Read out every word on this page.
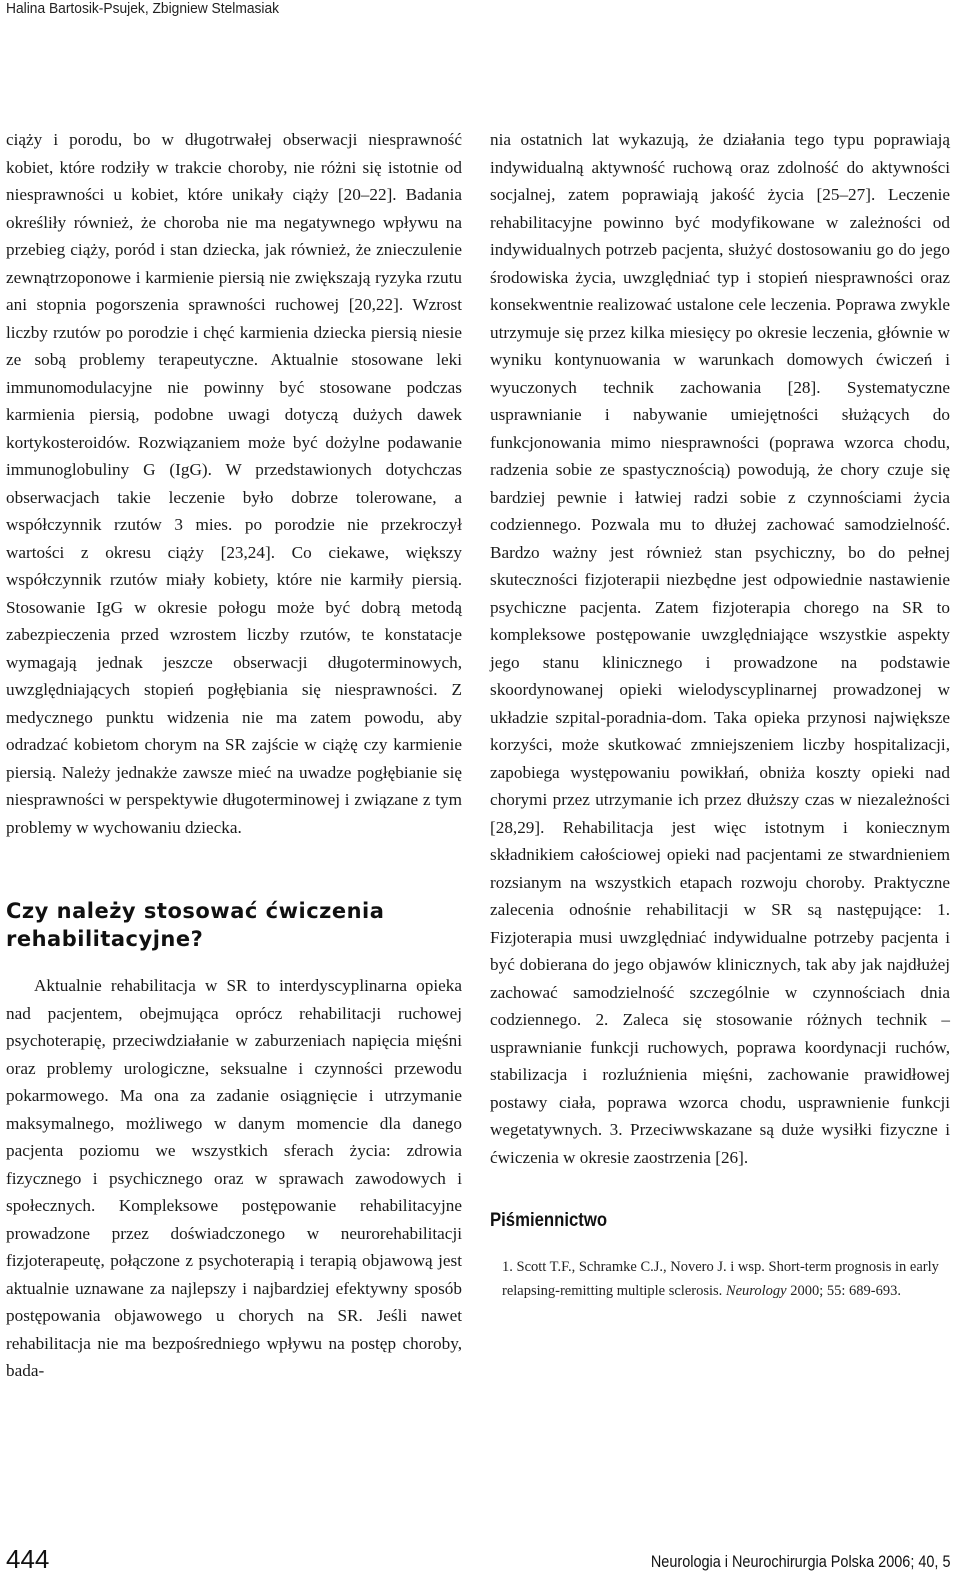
Halina Bartosik-Psujek, Zbigniew Stelmasiak

ciąży i porodu, bo w długotrwałej obserwacji niesprawność kobiet, które rodziły w trakcie choroby, nie różni się istotnie od niesprawności u kobiet, które unikały ciąży [20–22]. Badania określiły również, że choroba nie ma negatywnego wpływu na przebieg ciąży, poród i stan dziecka, jak również, że znieczulenie zewnątrzoponowe i karmienie piersią nie zwiększają ryzyka rzutu ani stopnia pogorszenia sprawności ruchowej [20,22]. Wzrost liczby rzutów po porodzie i chęć karmienia dziecka piersią niesie ze sobą problemy terapeutyczne. Aktualnie stosowane leki immunomodulacyjne nie powinny być stosowane podczas karmienia piersią, podobne uwagi dotyczą dużych dawek kortykosteroidów. Rozwiązaniem może być dożylne podawanie immunoglobuliny G (IgG). W przedstawionych dotychczas obserwacjach takie leczenie było dobrze tolerowane, a współczynnik rzutów 3 mies. po porodzie nie przekroczył wartości z okresu ciąży [23,24]. Co ciekawe, większy współczynnik rzutów miały kobiety, które nie karmiły piersią. Stosowanie IgG w okresie połogu może być dobrą metodą zabezpieczenia przed wzrostem liczby rzutów, te konstatacje wymagają jednak jeszcze obserwacji długoterminowych, uwzględniających stopień pogłębiania się niesprawności. Z medycznego punktu widzenia nie ma zatem powodu, aby odradzać kobietom chorym na SR zajście w ciążę czy karmienie piersią. Należy jednakże zawsze mieć na uwadze pogłębianie się niesprawności w perspektywie długoterminowej i związane z tym problemy w wychowaniu dziecka.

Czy należy stosować ćwiczenia rehabilitacyjne?

Aktualnie rehabilitacja w SR to interdyscyplinarna opieka nad pacjentem, obejmująca oprócz rehabilitacji ruchowej psychoterapię, przeciwdziałanie w zaburzeniach napięcia mięśni oraz problemy urologiczne, seksualne i czynności przewodu pokarmowego. Ma ona za zadanie osiągnięcie i utrzymanie maksymalnego, możliwego w danym momencie dla danego pacjenta poziomu we wszystkich sferach życia: zdrowia fizycznego i psychicznego oraz w sprawach zawodowych i społecznych. Kompleksowe postępowanie rehabilitacyjne prowadzone przez doświadczonego w neurorehabilitacji fizjoterapeutę, połączone z psychoterapią i terapią objawową jest aktualnie uznawane za najlepszy i najbardziej efektywny sposób postępowania objawowego u chorych na SR. Jeśli nawet rehabilitacja nie ma bezpośredniego wpływu na postęp choroby, bada-

nia ostatnich lat wykazują, że działania tego typu poprawiają indywidualną aktywność ruchową oraz zdolność do aktywności socjalnej, zatem poprawiają jakość życia [25–27]. Leczenie rehabilitacyjne powinno być modyfikowane w zależności od indywidualnych potrzeb pacjenta, służyć dostosowaniu go do jego środowiska życia, uwzględniać typ i stopień niesprawności oraz konsekwentnie realizować ustalone cele leczenia. Poprawa zwykle utrzymuje się przez kilka miesięcy po okresie leczenia, głównie w wyniku kontynuowania w warunkach domowych ćwiczeń i wyuczonych technik zachowania [28]. Systematyczne usprawnianie i nabywanie umiejętności służących do funkcjonowania mimo niesprawności (poprawa wzorca chodu, radzenia sobie ze spastycznością) powodują, że chory czuje się bardziej pewnie i łatwiej radzi sobie z czynnościami życia codziennego. Pozwala mu to dłużej zachować samodzielność. Bardzo ważny jest również stan psychiczny, bo do pełnej skuteczności fizjoterapii niezbędne jest odpowiednie nastawienie psychiczne pacjenta. Zatem fizjoterapia chorego na SR to kompleksowe postępowanie uwzględniające wszystkie aspekty jego stanu klinicznego i prowadzone na podstawie skoordynowanej opieki wielodyscyplinarnej prowadzonej w układzie szpital-poradnia-dom. Taka opieka przynosi największe korzyści, może skutkować zmniejszeniem liczby hospitalizacji, zapobiega występowaniu powikłań, obniża koszty opieki nad chorymi przez utrzymanie ich przez dłuższy czas w niezależności [28,29]. Rehabilitacja jest więc istotnym i koniecznym składnikiem całościowej opieki nad pacjentami ze stwardnieniem rozsianym na wszystkich etapach rozwoju choroby. Praktyczne zalecenia odnośnie rehabilitacji w SR są następujące: 1. Fizjoterapia musi uwzględniać indywidualne potrzeby pacjenta i być dobierana do jego objawów klinicznych, tak aby jak najdłużej zachować samodzielność szczególnie w czynnościach dnia codziennego. 2. Zaleca się stosowanie różnych technik – usprawnianie funkcji ruchowych, poprawa koordynacji ruchów, stabilizacja i rozluźnienia mięśni, zachowanie prawidłowej postawy ciała, poprawa wzorca chodu, usprawnienie funkcji wegetatywnych. 3. Przeciwwskazane są duże wysiłki fizyczne i ćwiczenia w okresie zaostrzenia [26].

Piśmiennictwo
1. Scott T.F., Schramke C.J., Novero J. i wsp. Short-term prognosis in early relapsing-remitting multiple sclerosis. Neurology 2000; 55: 689-693.
444	Neurologia i Neurochirurgia Polska 2006; 40, 5
